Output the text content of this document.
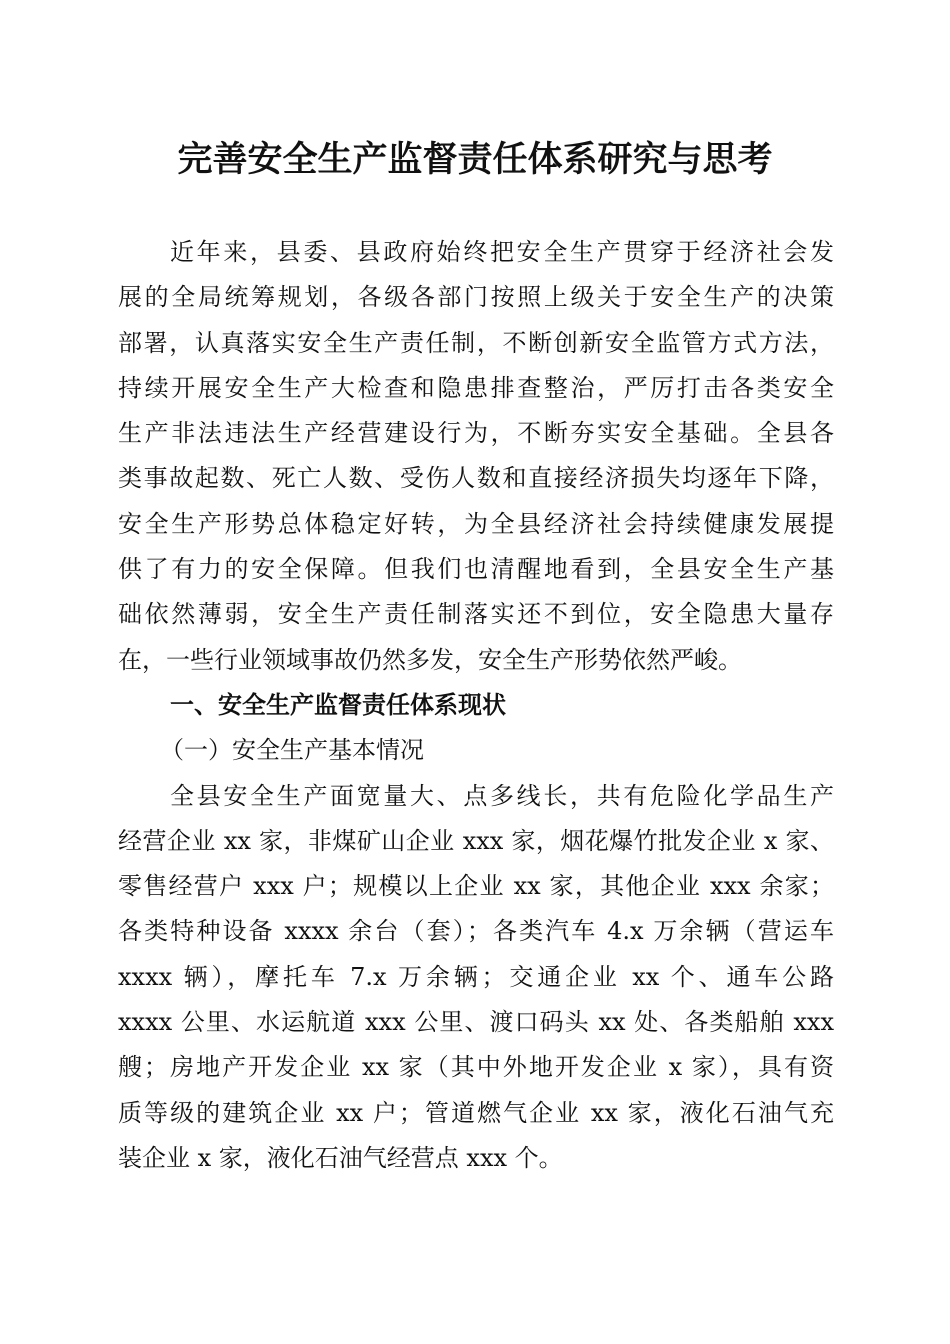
完善安全生产监督责任体系研究与思考
近年来，县委、县政府始终把安全生产贯穿于经济社会发
展的全局统筹规划，各级各部门按照上级关于安全生产的决策
部署，认真落实安全生产责任制，不断创新安全监管方式方法，
持续开展安全生产大检查和隐患排查整治，严厉打击各类安全
生产非法违法生产经营建设行为，不断夯实安全基础。全县各
类事故起数、死亡人数、受伤人数和直接经济损失均逐年下降，
安全生产形势总体稳定好转，为全县经济社会持续健康发展提
供了有力的安全保障。但我们也清醒地看到，全县安全生产基
础依然薄弱，安全生产责任制落实还不到位，安全隐患大量存
在，一些行业领域事故仍然多发，安全生产形势依然严峻。
一、安全生产监督责任体系现状
（一）安全生产基本情况
全县安全生产面宽量大、点多线长，共有危险化学品生产
经营企业 xx 家，非煤矿山企业 xxx 家，烟花爆竹批发企业 x 家、
零售经营户 xxx 户；规模以上企业 xx 家，其他企业 xxx 余家；
各类特种设备 xxxx 余台（套）；各类汽车 4.x 万余辆（营运车
xxxx 辆），摩托车 7.x 万余辆；交通企业 xx 个、通车公路
xxxx 公里、水运航道 xxx 公里、渡口码头 xx 处、各类船舶 xxx
艘；房地产开发企业 xx 家（其中外地开发企业 x 家），具有资
质等级的建筑企业 xx 户；管道燃气企业 xx 家，液化石油气充
装企业 x 家，液化石油气经营点 xxx 个。
